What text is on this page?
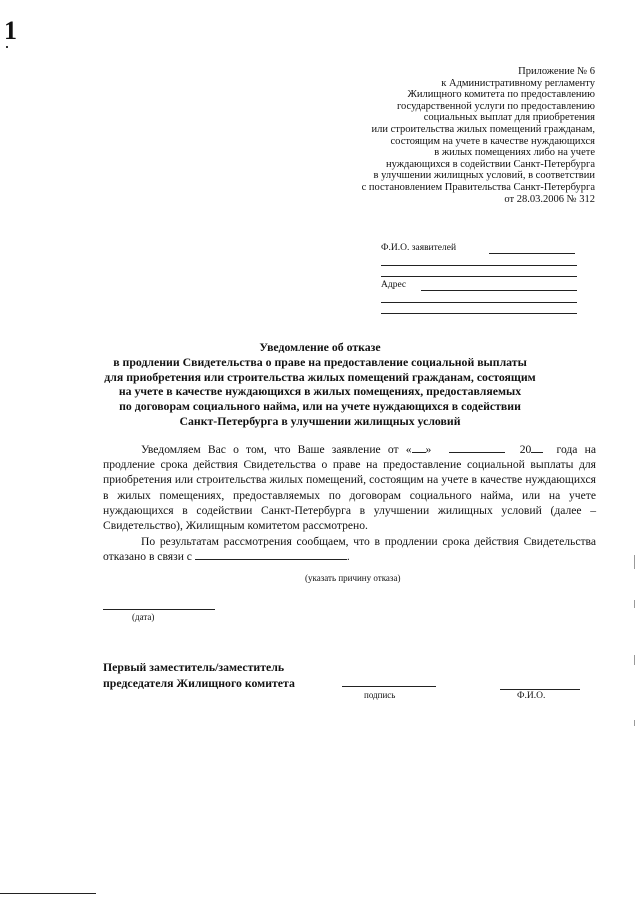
1
Приложение № 6
к Административному регламенту
Жилищного комитета по предоставлению
государственной услуги по предоставлению
социальных выплат для приобретения
или строительства жилых помещений гражданам,
состоящим на учете в качестве нуждающихся
в жилых помещениях либо на учете
нуждающихся в содействии Санкт-Петербурга
в улучшении жилищных условий, в соответствии
с постановлением Правительства Санкт-Петербурга
от 28.03.2006 № 312
Ф.И.О. заявителей
Адрес
Уведомление об отказе
в продлении Свидетельства о праве на предоставление социальной выплаты
для приобретения или строительства жилых помещений гражданам, состоящим
на учете в качестве нуждающихся в жилых помещениях, предоставляемых
по договорам социального найма, или на учете нуждающихся в содействии
Санкт-Петербурга в улучшении жилищных условий
Уведомляем Вас о том, что Ваше заявление от « »	20 года на продление срока действия Свидетельства о праве на предоставление социальной выплаты для приобретения или строительства жилых помещений, состоящим на учете в качестве нуждающихся в жилых помещениях, предоставляемых по договорам социального найма, или на учете нуждающихся в содействии Санкт-Петербурга в улучшении жилищных условий (далее – Свидетельство), Жилищным комитетом рассмотрено.
По результатам рассмотрения сообщаем, что в продлении срока действия Свидетельства отказано в связи с	.
(указать причину отказа)
(дата)
Первый заместитель/заместитель
председателя Жилищного комитета
подпись	Ф.И.О.
